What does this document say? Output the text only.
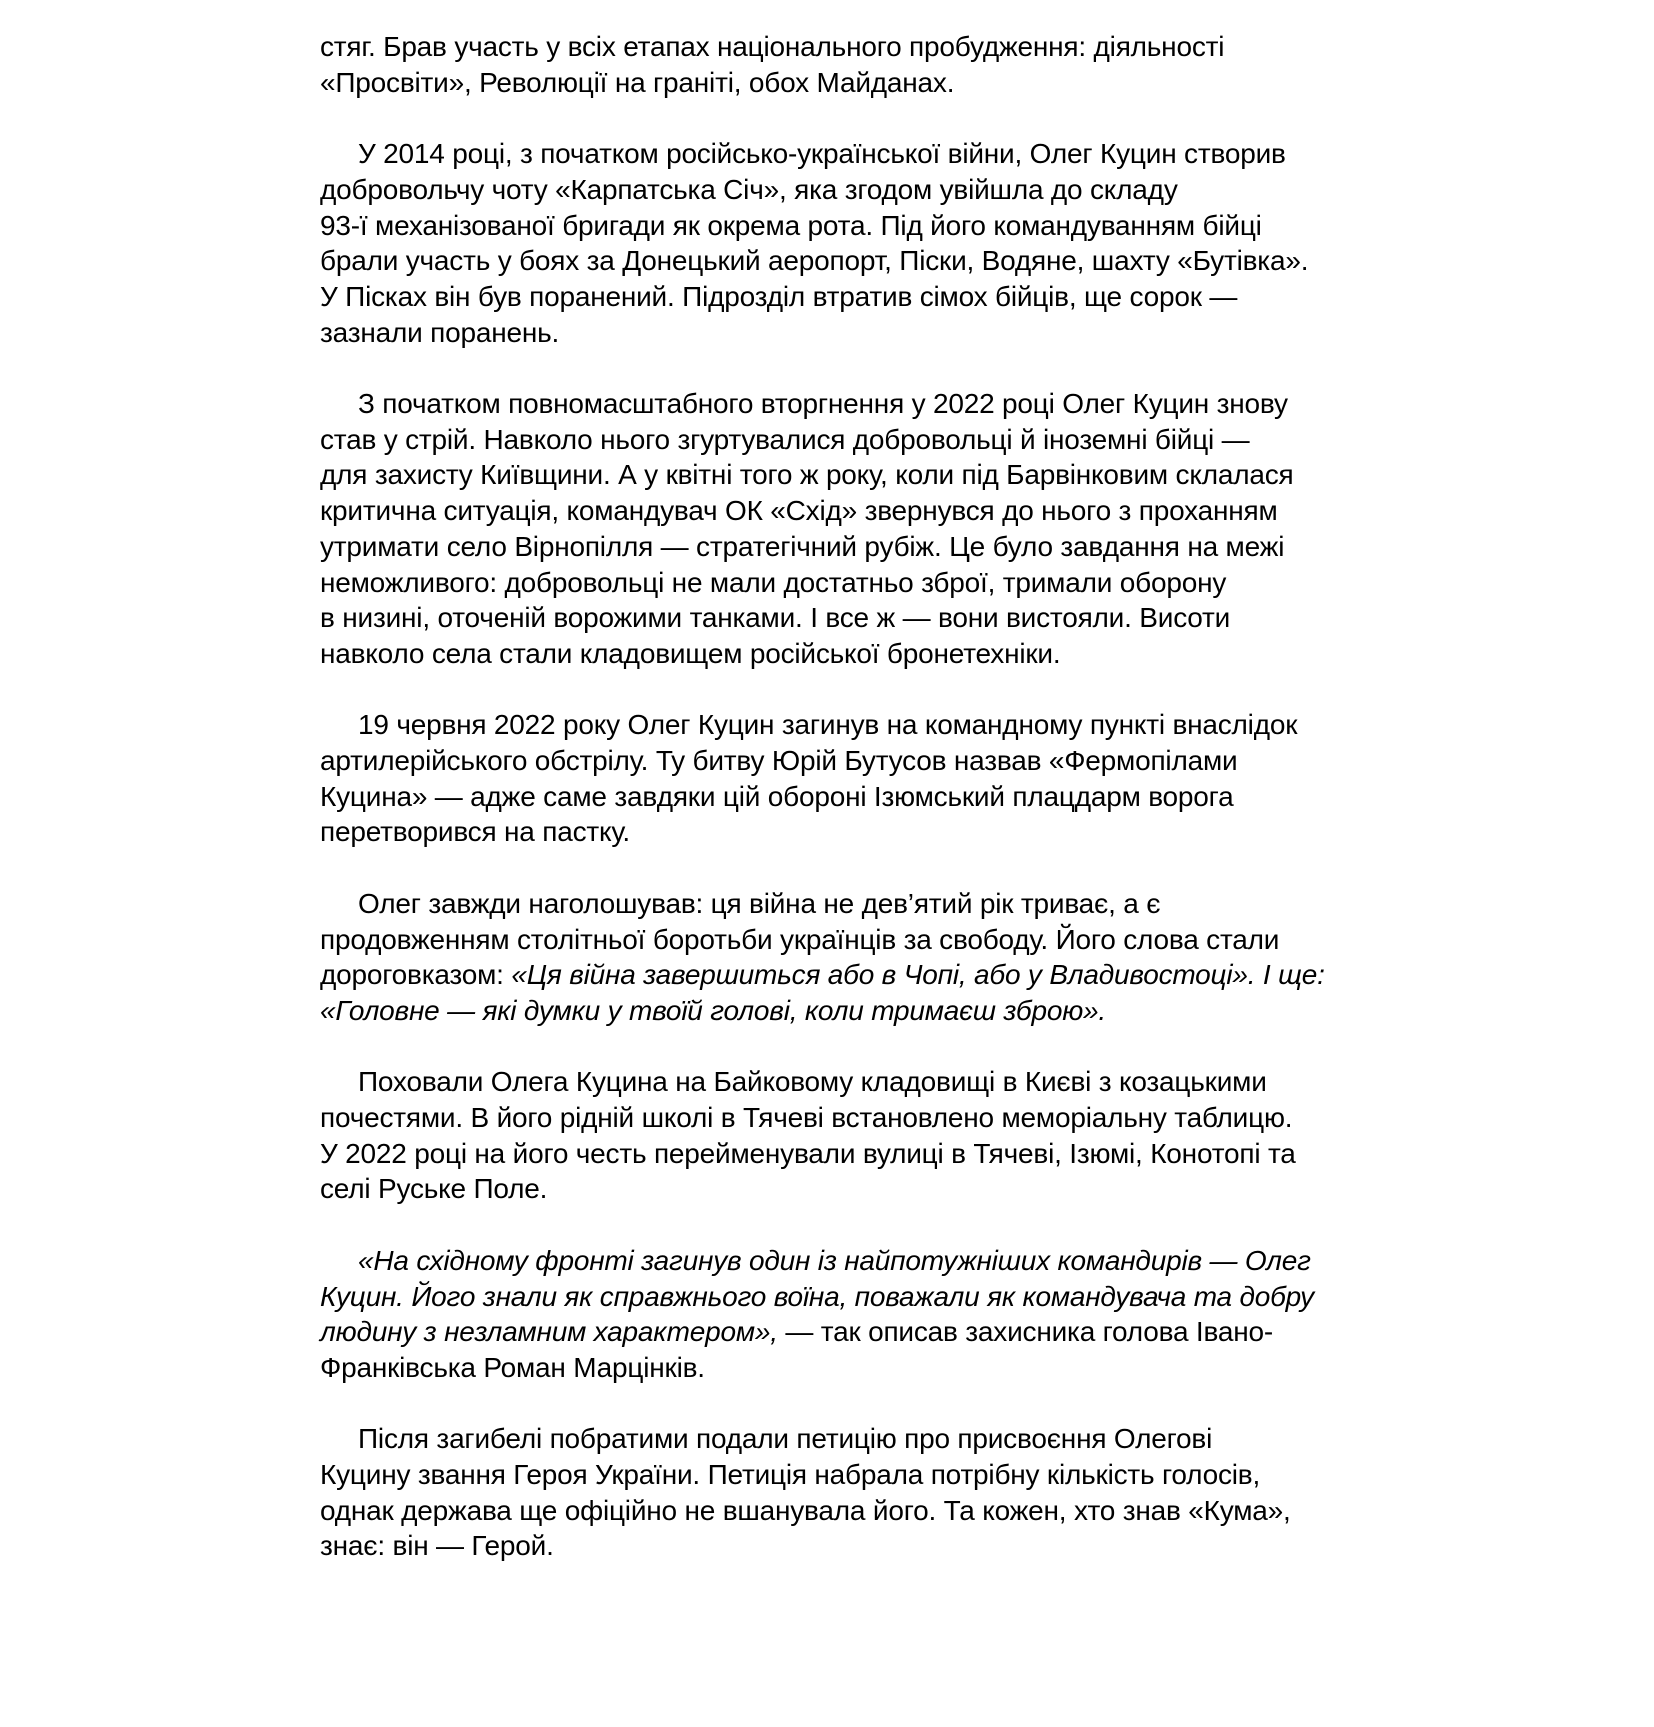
стяг. Брав участь у всіх етапах національного пробудження: діяльності
«Просвіти», Революції на граніті, обох Майданах.

У 2014 році, з початком російсько-української війни, Олег Куцин створив
добровольчу чоту «Карпатська Січ», яка згодом увійшла до складу
93-ї механізованої бригади як окрема рота. Під його командуванням бійці
брали участь у боях за Донецький аеропорт, Піски, Водяне, шахту «Бутівка».
У Пісках він був поранений. Підрозділ втратив сімох бійців, ще сорок —
зазнали поранень.

З початком повномасштабного вторгнення у 2022 році Олег Куцин знову
став у стрій. Навколо нього згуртувалися добровольці й іноземні бійці —
для захисту Київщини. А у квітні того ж року, коли під Барвінковим склалася
критична ситуація, командувач ОК «Схід» звернувся до нього з проханням
утримати село Вірнопілля — стратегічний рубіж. Це було завдання на межі
неможливого: добровольці не мали достатньо зброї, тримали оборону
в низині, оточеній ворожими танками. І все ж — вони вистояли. Висоти
навколо села стали кладовищем російської бронетехніки.

19 червня 2022 року Олег Куцин загинув на командному пункті внаслідок
артилерійського обстрілу. Ту битву Юрій Бутусов назвав «Фермопілами
Куцина» — адже саме завдяки цій обороні Ізюмський плацдарм ворога
перетворився на пастку.

Олег завжди наголошував: ця війна не дев’ятий рік триває, а є
продовженням столітньої боротьби українців за свободу. Його слова стали
дороговказом: «Ця війна завершиться або в Чопі, або у Владивостоці». І ще:
«Головне — які думки у твоїй голові, коли тримаєш зброю».

Поховали Олега Куцина на Байковому кладовищі в Києві з козацькими
почестями. В його рідній школі в Тячеві встановлено меморіальну таблицю.
У 2022 році на його честь перейменували вулиці в Тячеві, Ізюмі, Конотопі та
селі Руське Поле.

«На східному фронті загинув один із найпотужніших командирів — Олег
Куцин. Його знали як справжнього воїна, поважали як командувача та добру
людину з незламним характером», — так описав захисника голова Івано-
Франківська Роман Марцінків.

Після загибелі побратими подали петицію про присвоєння Олегові
Куцину звання Героя України. Петиція набрала потрібну кількість голосів,
однак держава ще офіційно не вшанувала його. Та кожен, хто знав «Кума»,
знає: він — Герой.
